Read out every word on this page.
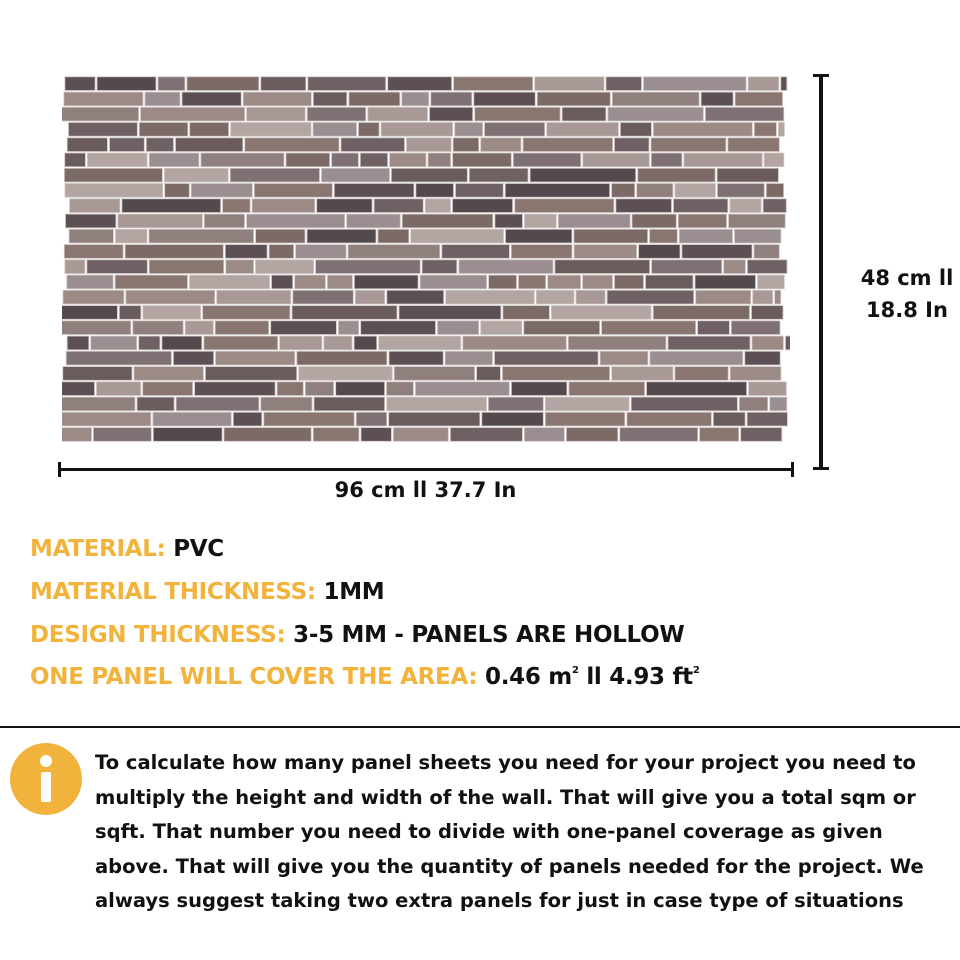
48 cm ll
18.8 In
96 cm ll 37.7 In
MATERIAL: PVC
MATERIAL THICKNESS: 1MM
DESIGN THICKNESS: 3-5 MM - PANELS ARE HOLLOW
ONE PANEL WILL COVER THE AREA: 0.46 $m^2$ ll 4.93 $ft^2$
To calculate how many panel sheets you need for your project you need to multiply the height and width of the wall. That will give you a total sqm or sqft. That number you need to divide with one-panel coverage as given above. That will give you the quantity of panels needed for the project. We always suggest taking two extra panels for just in case type of situations
